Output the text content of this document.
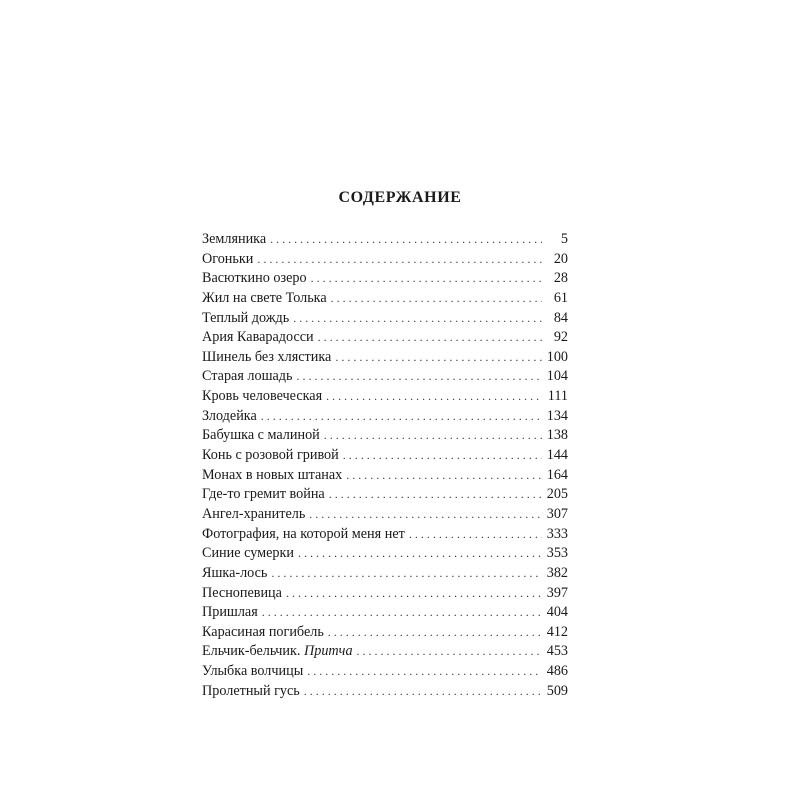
СОДЕРЖАНИЕ
Земляника . . .	5
Огоньки . . .	20
Васюткино озеро . . .	28
Жил на свете Толька . . .	61
Теплый дождь . . .	84
Ария Каварадосси . . .	92
Шинель без хлястика . . .	100
Старая лошадь . . .	104
Кровь человеческая . . .	111
Злодейка . . .	134
Бабушка с малиной . . .	138
Конь с розовой гривой . . .	144
Монах в новых штанах . . .	164
Где-то гремит война . . .	205
Ангел-хранитель . . .	307
Фотография, на которой меня нет . . .	333
Синие сумерки . . .	353
Яшка-лось . . .	382
Песнопевица . . .	397
Пришлая . . .	404
Карасиная погибель . . .	412
Ельчик-бельчик. Притча . . .	453
Улыбка волчицы . . .	486
Пролетный гусь . . .	509
